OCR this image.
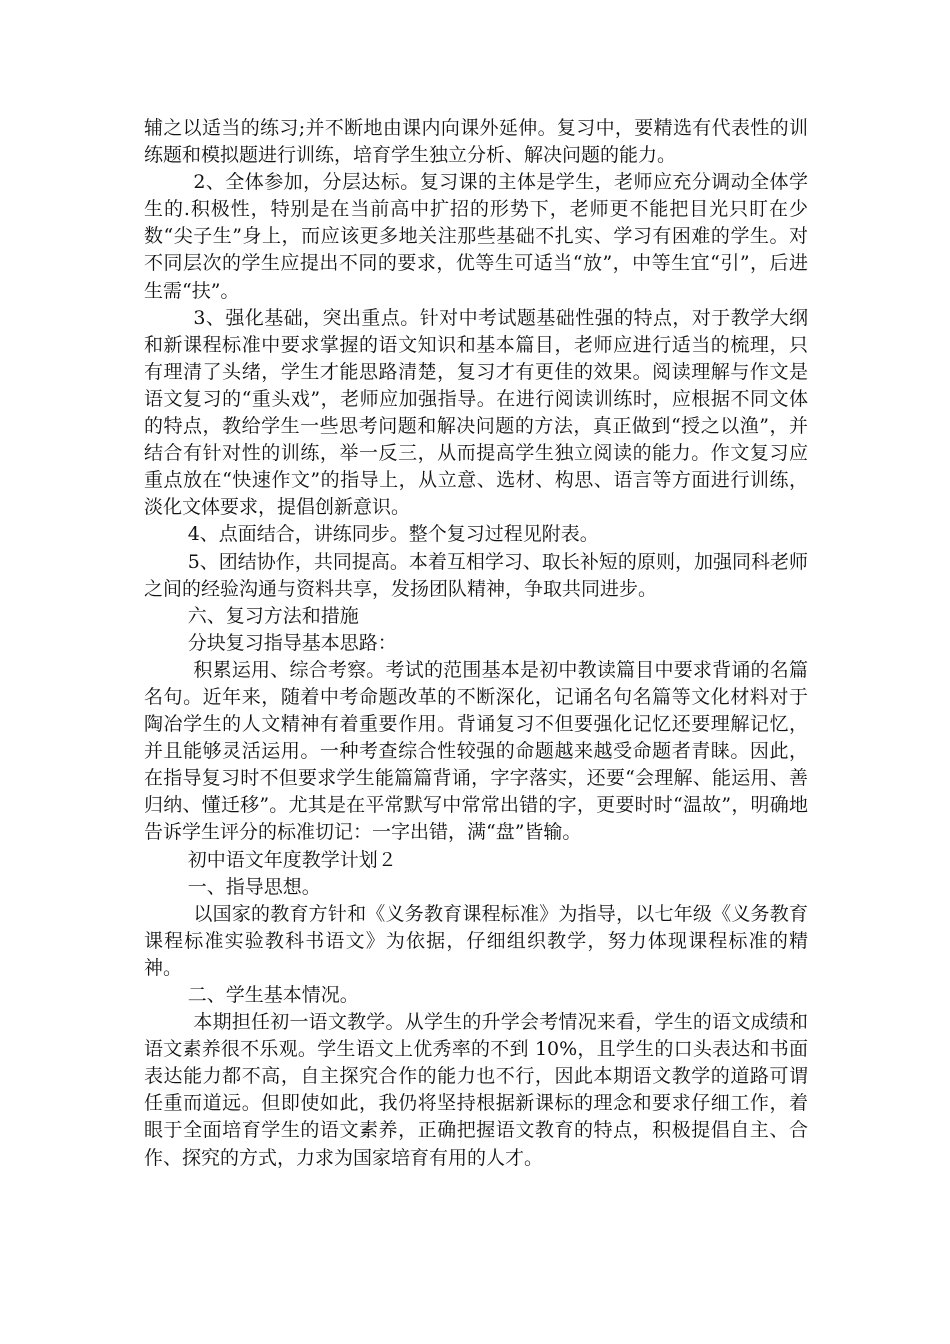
辅之以适当的练习;并不断地由课内向课外延伸。复习中，要精选有代表性的训练题和模拟题进行训练，培育学生独立分析、解决问题的能力。

2、全体参加，分层达标。复习课的主体是学生，老师应充分调动全体学生的.积极性，特别是在当前高中扩招的形势下，老师更不能把目光只盯在少数“尖子生”身上，而应该更多地关注那些基础不扎实、学习有困难的学生。对不同层次的学生应提出不同的要求，优等生可适当“放”，中等生宜“引”，后进生需“扶”。

3、强化基础，突出重点。针对中考试题基础性强的特点，对于教学大纲和新课程标准中要求掌握的语文知识和基本篇目，老师应进行适当的梳理，只有理清了头绪，学生才能思路清楚，复习才有更佳的效果。阅读理解与作文是语文复习的“重头戏”，老师应加强指导。在进行阅读训练时，应根据不同文体的特点，教给学生一些思考问题和解决问题的方法，真正做到“授之以渔”，并结合有针对性的训练，举一反三，从而提高学生独立阅读的能力。作文复习应重点放在“快速作文”的指导上，从立意、选材、构思、语言等方面进行训练，淡化文体要求，提倡创新意识。

4、点面结合，讲练同步。整个复习过程见附表。

5、团结协作，共同提高。本着互相学习、取长补短的原则，加强同科老师之间的经验沟通与资料共享，发扬团队精神，争取共同进步。

六、复习方法和措施

分块复习指导基本思路：

积累运用、综合考察。考试的范围基本是初中教读篇目中要求背诵的名篇名句。近年来，随着中考命题改革的不断深化，记诵名句名篇等文化材料对于陶冶学生的人文精神有着重要作用。背诵复习不但要强化记忆还要理解记忆，并且能够灵活运用。一种考查综合性较强的命题越来越受命题者青睐。因此，在指导复习时不但要求学生能篇篇背诵，字字落实，还要“会理解、能运用、善归纳、懂迁移”。尤其是在平常默写中常常出错的字，更要时时“温故”，明确地告诉学生评分的标准切记：一字出错，满“盘”皆输。

初中语文年度教学计划２

一、指导思想。

以国家的教育方针和《义务教育课程标准》为指导，以七年级《义务教育课程标准实验教科书语文》为依据，仔细组织教学，努力体现课程标准的精神。

二、学生基本情况。

本期担任初一语文教学。从学生的升学会考情况来看，学生的语文成绩和语文素养很不乐观。学生语文上优秀率的不到 10%，且学生的口头表达和书面表达能力都不高，自主探究合作的能力也不行，因此本期语文教学的道路可谓任重而道远。但即使如此，我仍将坚持根据新课标的理念和要求仔细工作，着眼于全面培育学生的语文素养，正确把握语文教育的特点，积极提倡自主、合作、探究的方式，力求为国家培育有用的人才。
